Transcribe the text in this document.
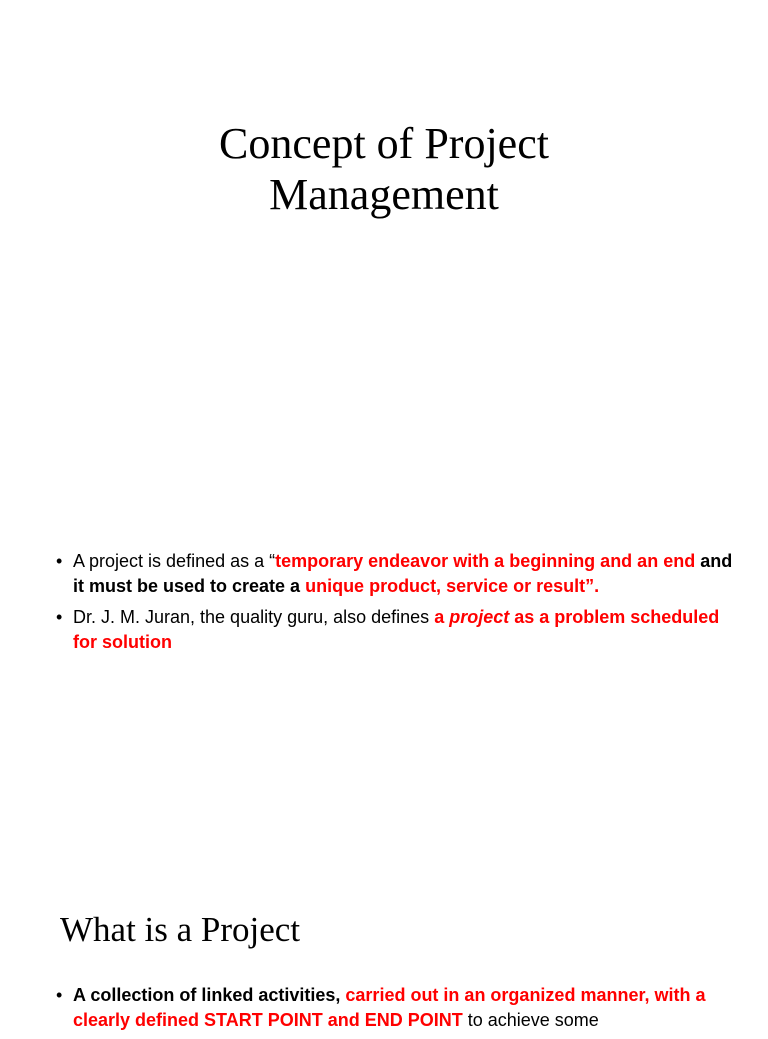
Concept of Project
Management
• A project is defined as a “temporary endeavor with a beginning and an end and it must be used to create a unique product, service or result”.
• Dr. J. M. Juran, the quality guru, also defines a project as a problem scheduled for solution
What is a Project
• A collection of linked activities, carried out in an organized manner, with a clearly defined START POINT and END POINT to achieve some
